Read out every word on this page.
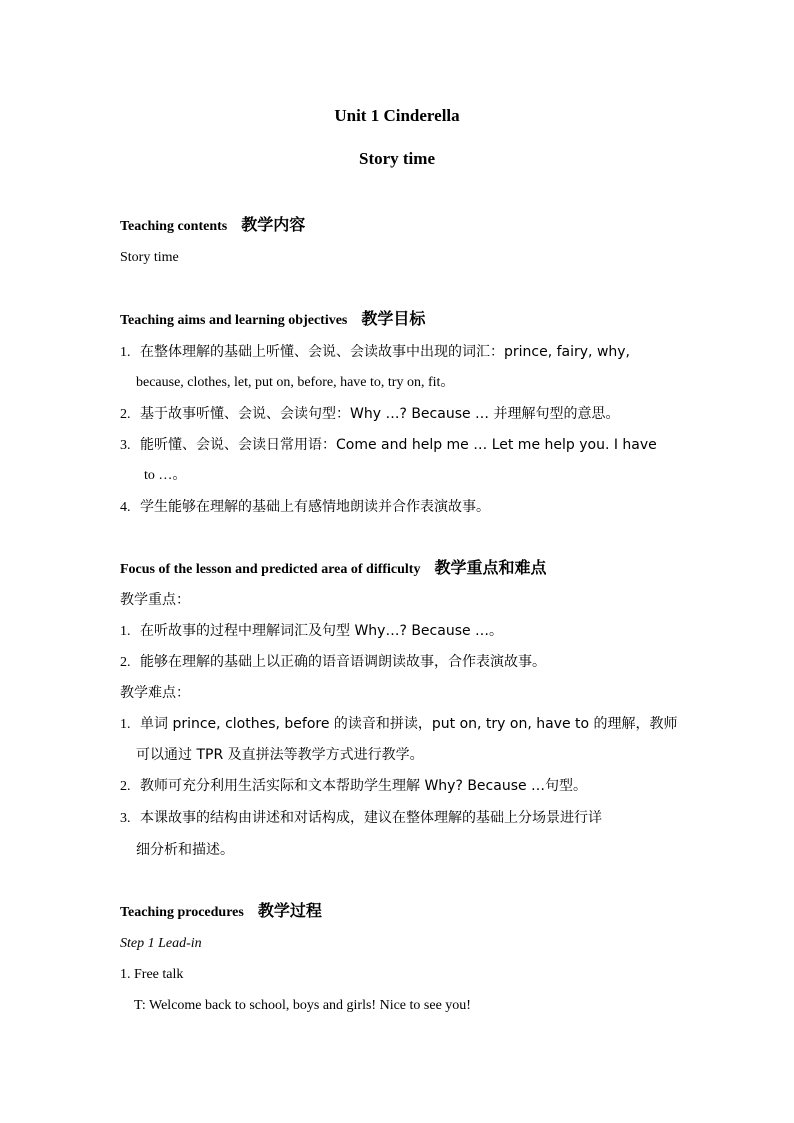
Unit 1 Cinderella
Story time
Teaching contents 教学内容
Story time
Teaching aims and learning objectives 教学目标
1. 在整体理解的基础上听懂、会说、会读故事中出现的词汇：prince, fairy, why,
because, clothes, let, put on, before, have to, try on, fit。
2. 基于故事听懂、会说、会读句型：Why …? Because … 并理解句型的意思。
3. 能听懂、会说、会读日常用语：Come and help me … Let me help you. I have
to …。
4. 学生能够在理解的基础上有感情地朗读并合作表演故事。
Focus of the lesson and predicted area of difficulty 教学重点和难点
教学重点：
1. 在听故事的过程中理解词汇及句型 Why…? Because …。
2. 能够在理解的基础上以正确的语音语调朗读故事，合作表演故事。
教学难点：
1. 单词 prince, clothes, before 的读音和拼读，put on, try on, have to 的理解，教师
可以通过 TPR 及直拼法等教学方式进行教学。
2. 教师可充分利用生活实际和文本帮助学生理解 Why? Because …句型。
3. 本课故事的结构由讲述和对话构成，建议在整体理解的基础上分场景进行详
细分析和描述。
Teaching procedures 教学过程
Step 1 Lead-in
1. Free talk
T: Welcome back to school, boys and girls! Nice to see you!
